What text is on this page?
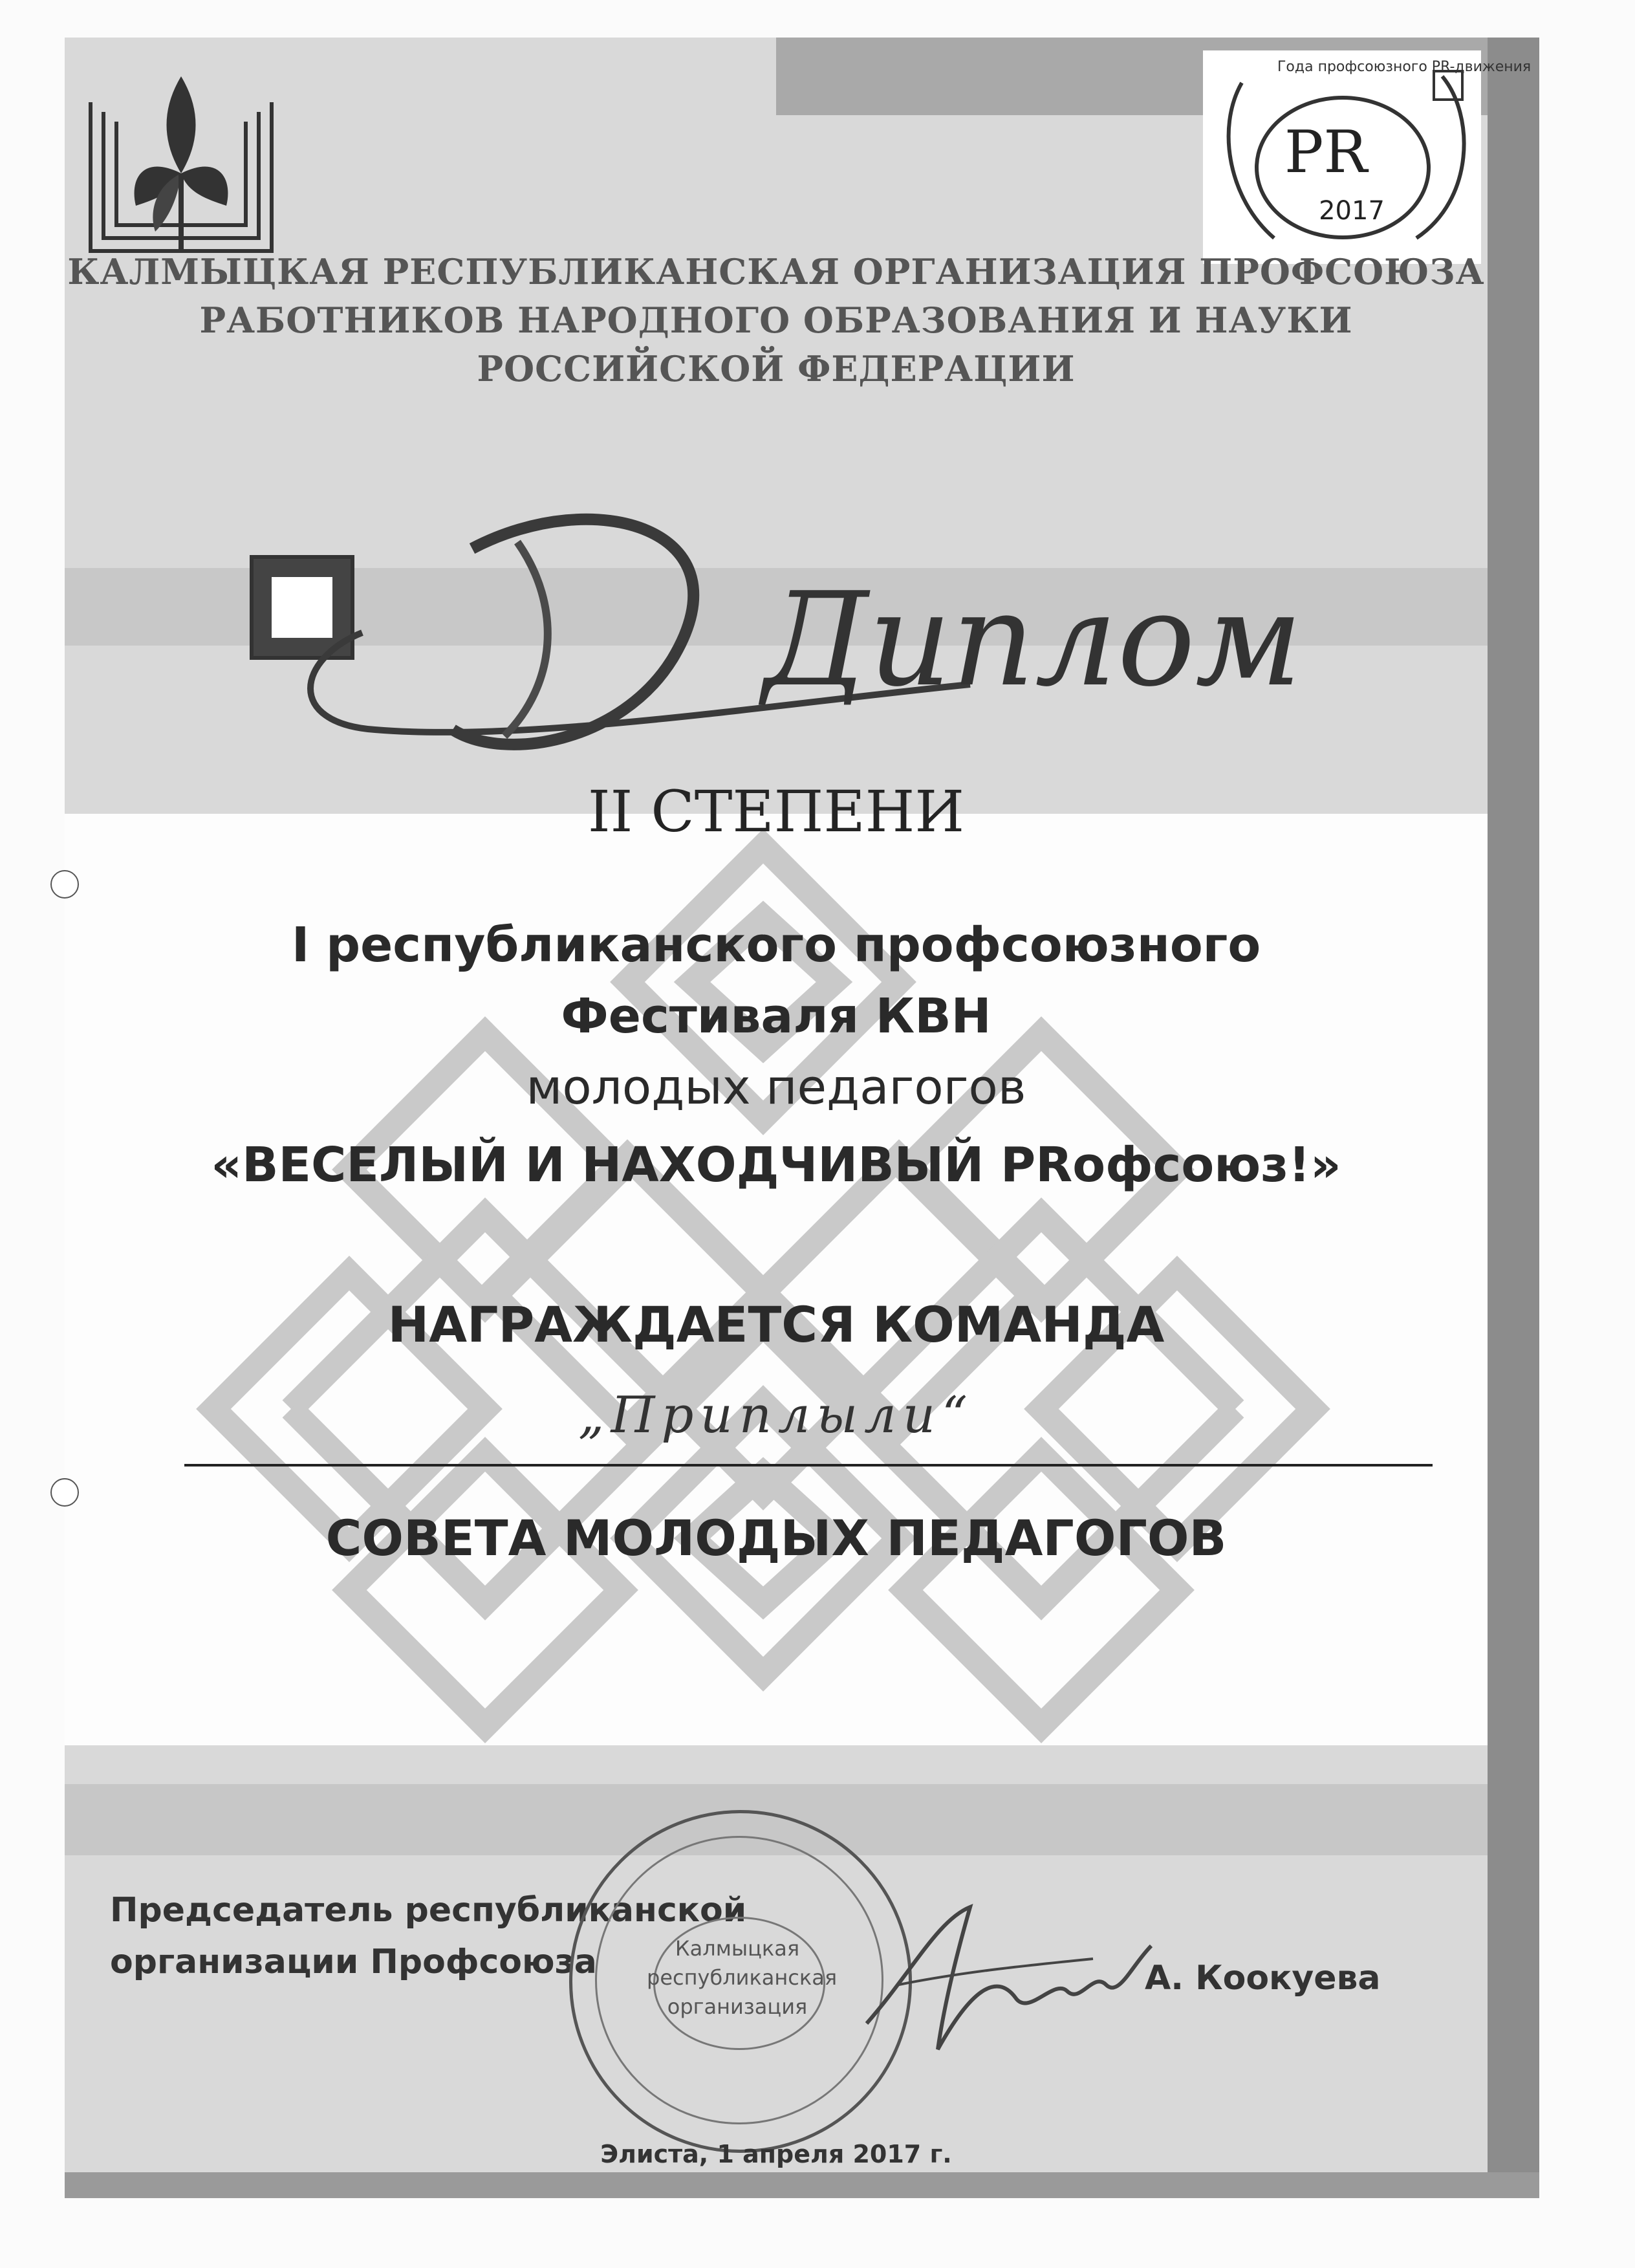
Года профсоюзного PR-движения
PR
2017
КАЛМЫЦКАЯ РЕСПУБЛИКАНСКАЯ ОРГАНИЗАЦИЯ ПРОФСОЮЗА
РАБОТНИКОВ НАРОДНОГО ОБРАЗОВАНИЯ И НАУКИ
РОССИЙСКОЙ ФЕДЕРАЦИИ
Диплом
II СТЕПЕНИ
I республиканского профсоюзного
Фестиваля КВН
молодых педагогов
«ВЕСЕЛЫЙ И НАХОДЧИВЫЙ PRофсоюз!»
НАГРАЖДАЕТСЯ КОМАНДА
„Приплыли“
СОВЕТА МОЛОДЫХ ПЕДАГОГОВ
Председатель республиканской
организации Профсоюза	А. Коокуева
Калмыцкая
республиканская
организация
Элиста, 1 апреля 2017 г.
